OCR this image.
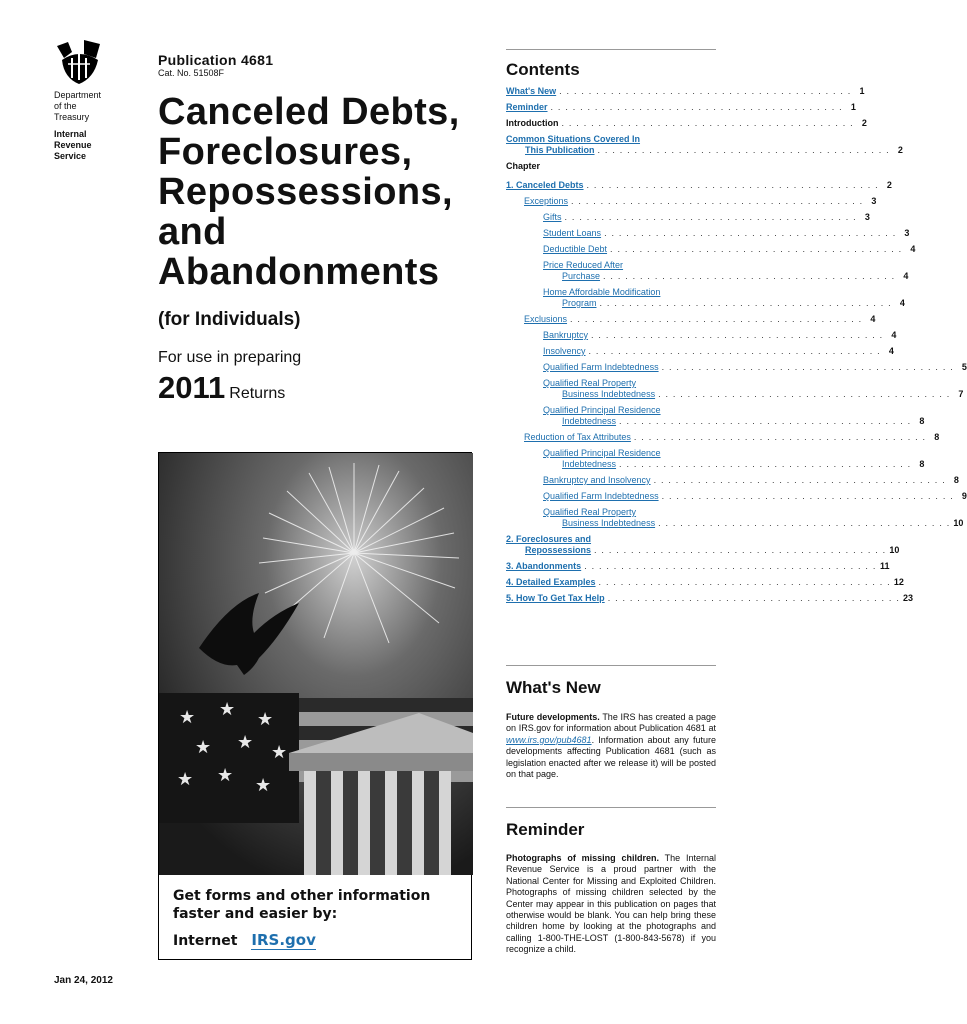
Department
of the
Treasury
Internal
Revenue
Service
Publication 4681
Cat. No. 51508F
Canceled Debts,
Foreclosures,
Repossessions,
and
Abandonments
(for Individuals)
For use in preparing
2011 Returns
★ ★ ★
★ ★ ★
★ ★ ★
Get forms and other information
faster and easier by:
Internet IRS.gov
Jan 24, 2012
Contents
What's New . . . . . . . . . . . . . . . . . . . . . . . . . . . . . . . . . . . . . . . . 1
Reminder . . . . . . . . . . . . . . . . . . . . . . . . . . . . . . . . . . . . . . . . 1
Introduction . . . . . . . . . . . . . . . . . . . . . . . . . . . . . . . . . . . . . . . . 2
Common Situations Covered In
This Publication . . . . . . . . . . . . . . . . . . . . . . . . . . . . . . . . . . . . . . . . 2
Chapter
1. Canceled Debts . . . . . . . . . . . . . . . . . . . . . . . . . . . . . . . . . . . . . . . . 2
Exceptions . . . . . . . . . . . . . . . . . . . . . . . . . . . . . . . . . . . . . . . . 3
Gifts . . . . . . . . . . . . . . . . . . . . . . . . . . . . . . . . . . . . . . . . 3
Student Loans . . . . . . . . . . . . . . . . . . . . . . . . . . . . . . . . . . . . . . . . 3
Deductible Debt . . . . . . . . . . . . . . . . . . . . . . . . . . . . . . . . . . . . . . . . 4
Price Reduced After
Purchase . . . . . . . . . . . . . . . . . . . . . . . . . . . . . . . . . . . . . . . . 4
Home Affordable Modification
Program . . . . . . . . . . . . . . . . . . . . . . . . . . . . . . . . . . . . . . . . 4
Exclusions . . . . . . . . . . . . . . . . . . . . . . . . . . . . . . . . . . . . . . . . 4
Bankruptcy . . . . . . . . . . . . . . . . . . . . . . . . . . . . . . . . . . . . . . . . 4
Insolvency . . . . . . . . . . . . . . . . . . . . . . . . . . . . . . . . . . . . . . . . 4
Qualified Farm Indebtedness . . . . . . . . . . . . . . . . . . . . . . . . . . . . . . . . . . . . . . . . 5
Qualified Real Property
Business Indebtedness . . . . . . . . . . . . . . . . . . . . . . . . . . . . . . . . . . . . . . . . 7
Qualified Principal Residence
Indebtedness . . . . . . . . . . . . . . . . . . . . . . . . . . . . . . . . . . . . . . . . 8
Reduction of Tax Attributes . . . . . . . . . . . . . . . . . . . . . . . . . . . . . . . . . . . . . . . . 8
Qualified Principal Residence
Indebtedness . . . . . . . . . . . . . . . . . . . . . . . . . . . . . . . . . . . . . . . . 8
Bankruptcy and Insolvency . . . . . . . . . . . . . . . . . . . . . . . . . . . . . . . . . . . . . . . . 8
Qualified Farm Indebtedness . . . . . . . . . . . . . . . . . . . . . . . . . . . . . . . . . . . . . . . . 9
Qualified Real Property
Business Indebtedness . . . . . . . . . . . . . . . . . . . . . . . . . . . . . . . . . . . . . . . . 10
2. Foreclosures and
Repossessions . . . . . . . . . . . . . . . . . . . . . . . . . . . . . . . . . . . . . . . . 10
3. Abandonments . . . . . . . . . . . . . . . . . . . . . . . . . . . . . . . . . . . . . . . . 11
4. Detailed Examples . . . . . . . . . . . . . . . . . . . . . . . . . . . . . . . . . . . . . . . . 12
5. How To Get Tax Help . . . . . . . . . . . . . . . . . . . . . . . . . . . . . . . . . . . . . . . . 23
What's New
Future developments. The IRS has created a page on IRS.gov for information about Publication 4681 at www.irs.gov/pub4681. Information about any future developments affecting Publication 4681 (such as legislation enacted after we release it) will be posted on that page.
Reminder
Photographs of missing children. The Internal Revenue Service is a proud partner with the National Center for Missing and Exploited Children. Photographs of missing children selected by the Center may appear in this publication on pages that otherwise would be blank. You can help bring these children home by looking at the photographs and calling 1-800-THE-LOST (1-800-843-5678) if you recognize a child.
